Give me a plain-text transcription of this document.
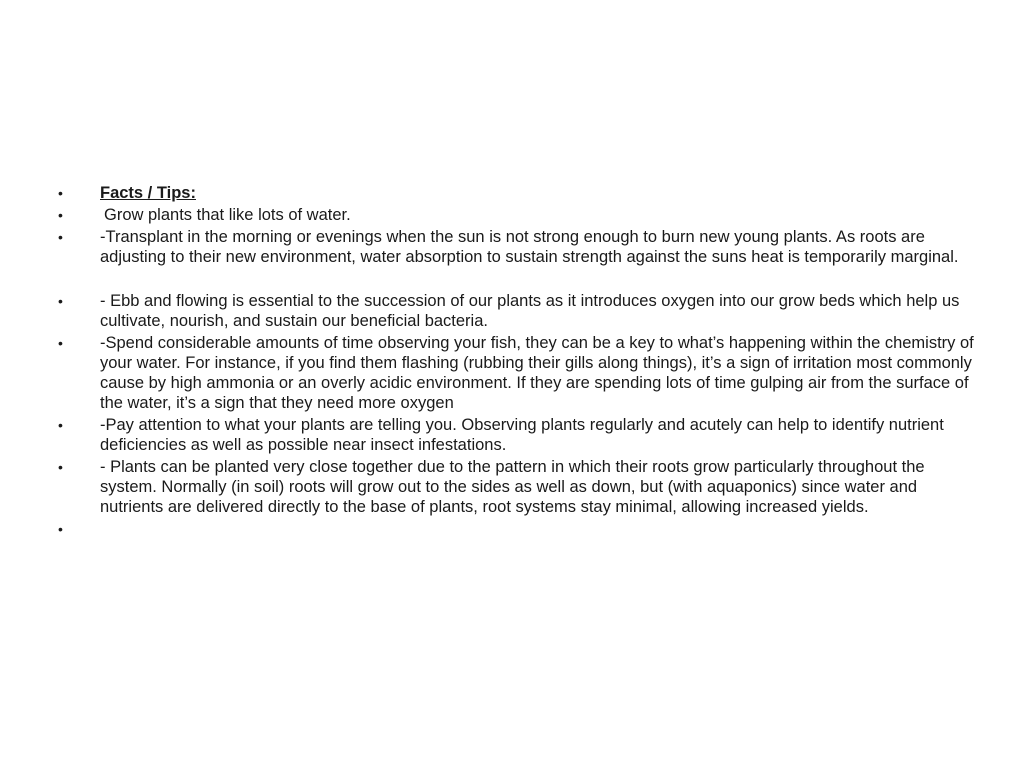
• Facts / Tips:
• Grow plants that like lots of water.
• -Transplant in the morning or evenings when the sun is not strong enough to burn new young plants. As roots are adjusting to their new environment, water absorption to sustain strength against the suns heat is temporarily marginal.
• - Ebb and flowing is essential to the succession of our plants as it introduces oxygen into our grow beds which help us cultivate, nourish, and sustain our beneficial bacteria.
• -Spend considerable amounts of time observing your fish, they can be a key to what’s happening within the chemistry of your water. For instance, if you find them flashing (rubbing their gills along things), it’s a sign of irritation most commonly cause by high ammonia or an overly acidic environment. If they are spending lots of time gulping air from the surface of the water, it’s a sign that they need more oxygen
• -Pay attention to what your plants are telling you. Observing plants regularly and acutely can help to identify nutrient deficiencies as well as possible near insect infestations.
• - Plants can be planted very close together due to the pattern in which their roots grow particularly throughout the system. Normally (in soil) roots will grow out to the sides as well as down, but (with aquaponics) since water and nutrients are delivered directly to the base of plants, root systems stay minimal, allowing increased yields.
•
